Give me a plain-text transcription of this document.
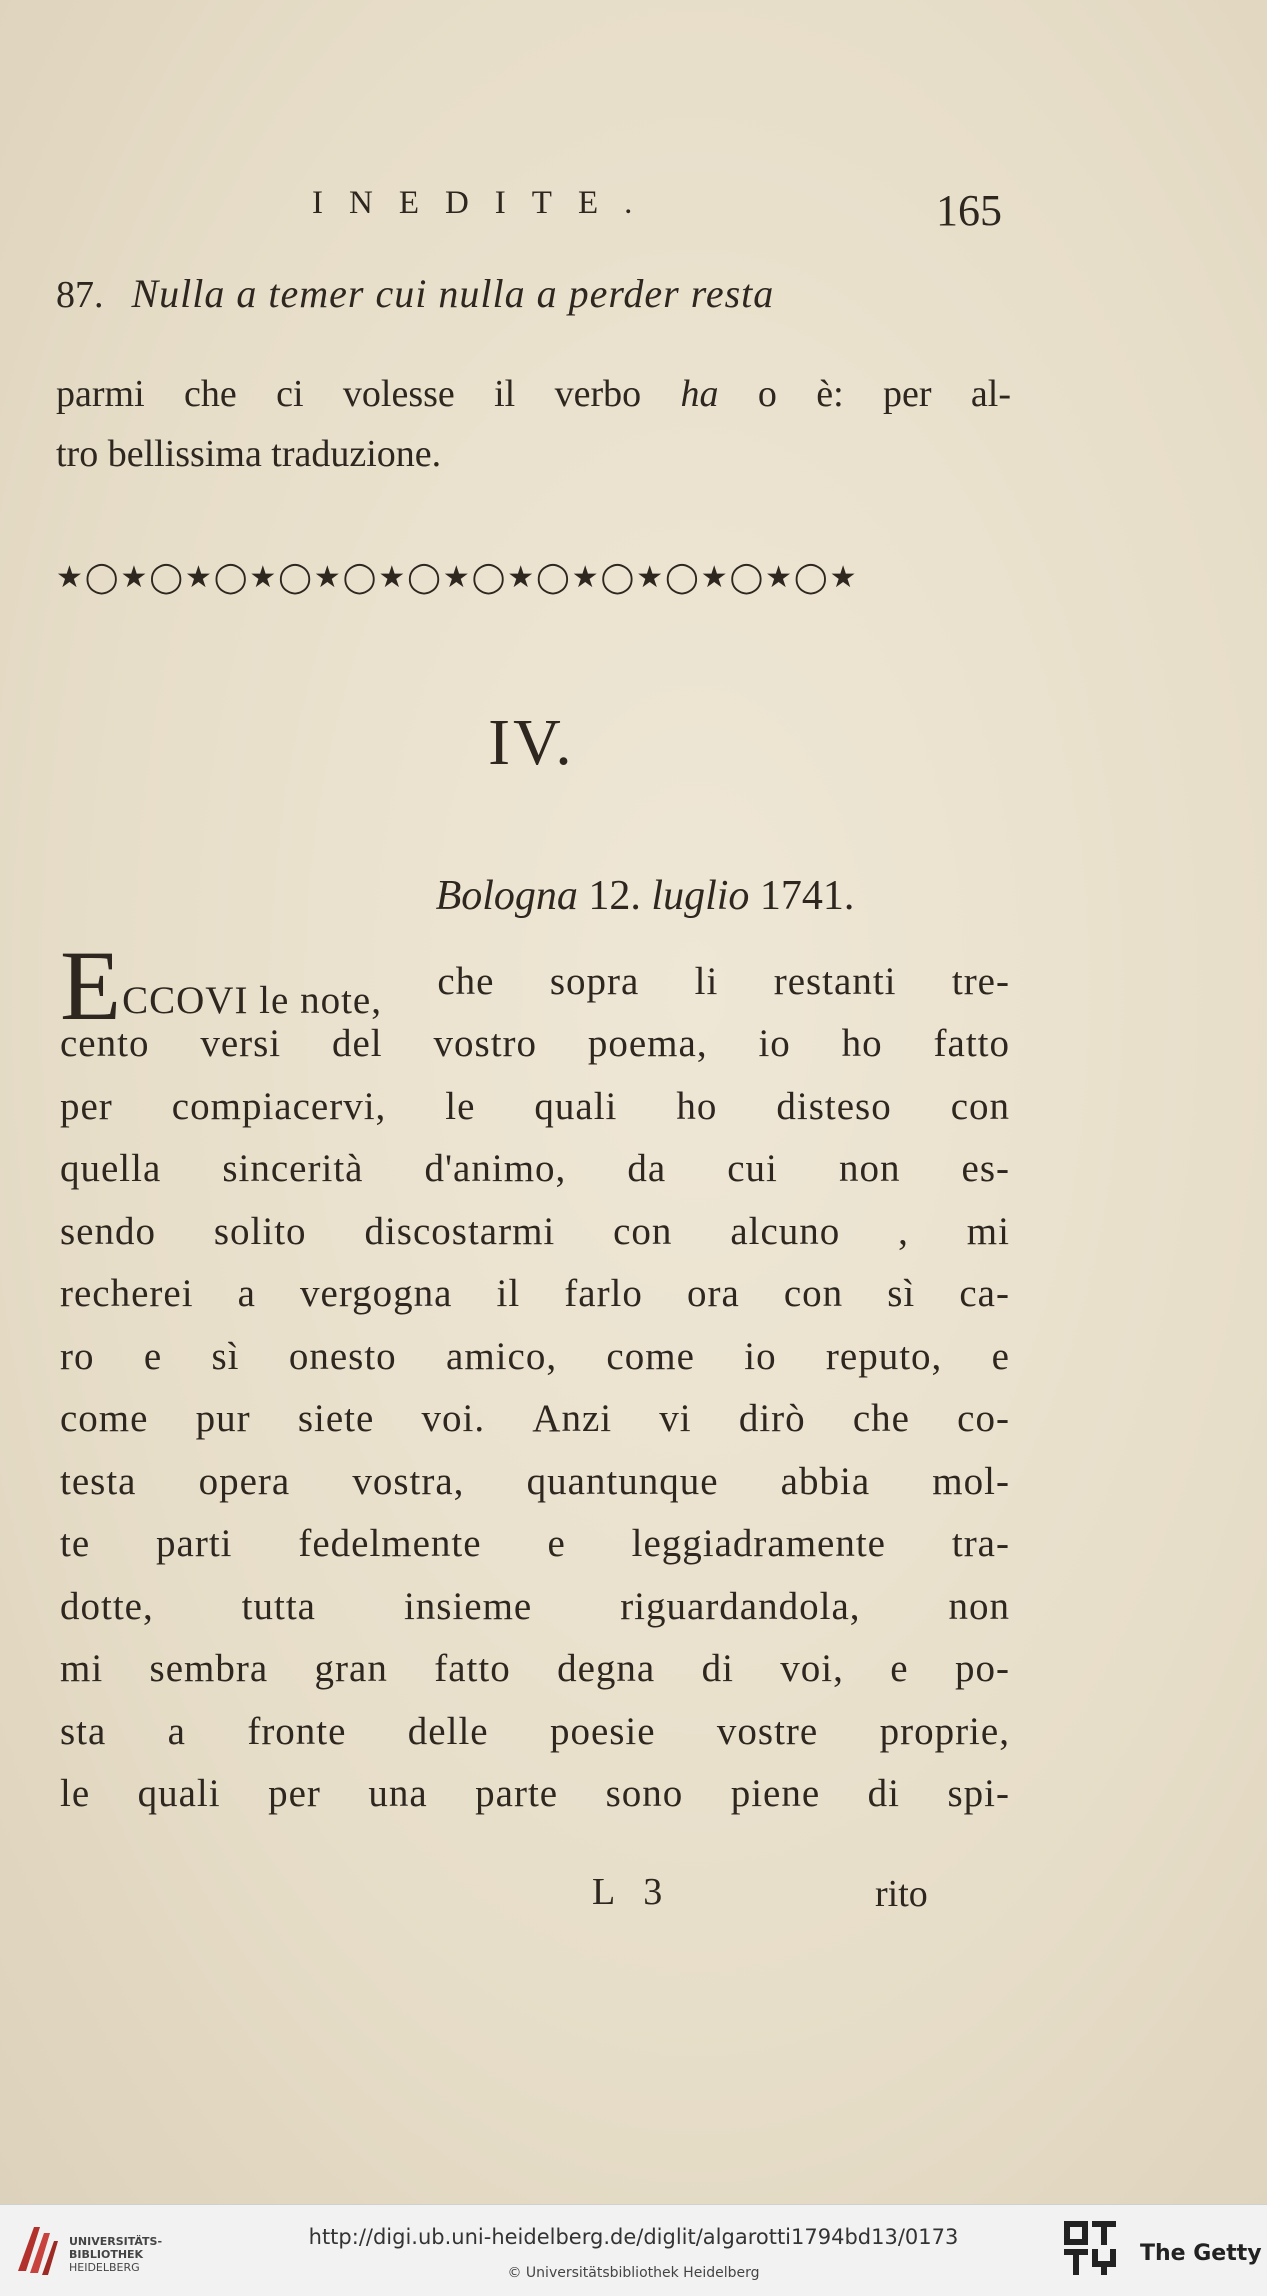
INEDITE.	165
87. Nulla a temer cui nulla a perder resta
★◯★◯★◯★◯★◯★◯★◯★◯★◯★◯★◯★◯★
IV.
Bologna 12. luglio 1741.
ECCOVI le note, che sopra li restanti tre-
cento versi del vostro poema, io ho fatto
per compiacervi, le quali ho disteso con
quella sincerità d'animo, da cui non es-
sendo solito discostarmi con alcuno , mi
recherei a vergogna il farlo ora con sì ca-
ro e sì onesto amico, come io reputo, e
come pur siete voi. Anzi vi dirò che co-
testa opera vostra, quantunque abbia mol-
te parti fedelmente e leggiadramente tra-
dotte, tutta insieme riguardandola, non
mi sembra gran fatto degna di voi, e po-
sta a fronte delle poesie vostre proprie,
le quali per una parte sono piene di spi-
L 3	rito
parmi che ci volesse il verbo ha o è: per al-
tro bellissima traduzione.
UNIVERSITÄTS-
BIBLIOTHEK
HEIDELBERG
http://digi.ub.uni-heidelberg.de/diglit/algarotti1794bd13/0173
© Universitätsbibliothek Heidelberg
The Getty
